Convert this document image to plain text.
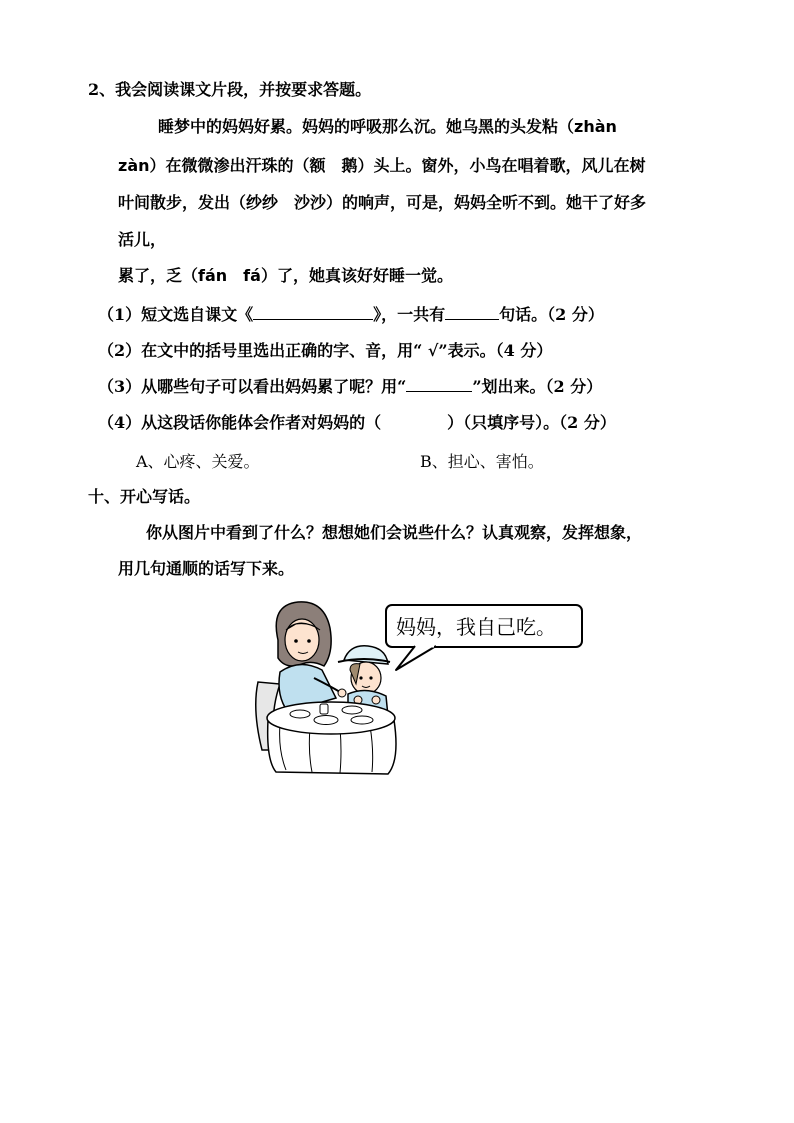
2、我会阅读课文片段，并按要求答题。
睡梦中的妈妈好累。妈妈的呼吸那么沉。她乌黑的头发粘（zhàn
zàn）在微微渗出汗珠的（额　鹅）头上。窗外，小鸟在唱着歌，风儿在树
叶间散步，发出（纱纱　沙沙）的响声，可是，妈妈全听不到。她干了好多
活儿，
累了，乏（fán　fá）了，她真该好好睡一觉。
（1）短文选自课文《	》，一共有	句话。（2 分）
（2）在文中的括号里选出正确的字、音，用“ √”表示。（4 分）
（3）从哪些句子可以看出妈妈累了呢？用“	”划出来。（2 分）
（4）从这段话你能体会作者对妈妈的（	）（只填序号）。（2 分）
A、心疼、关爱。	B、担心、害怕。
十、开心写话。
你从图片中看到了什么？想想她们会说些什么？认真观察，发挥想象，
用几句通顺的话写下来。
妈妈，我自己吃。
